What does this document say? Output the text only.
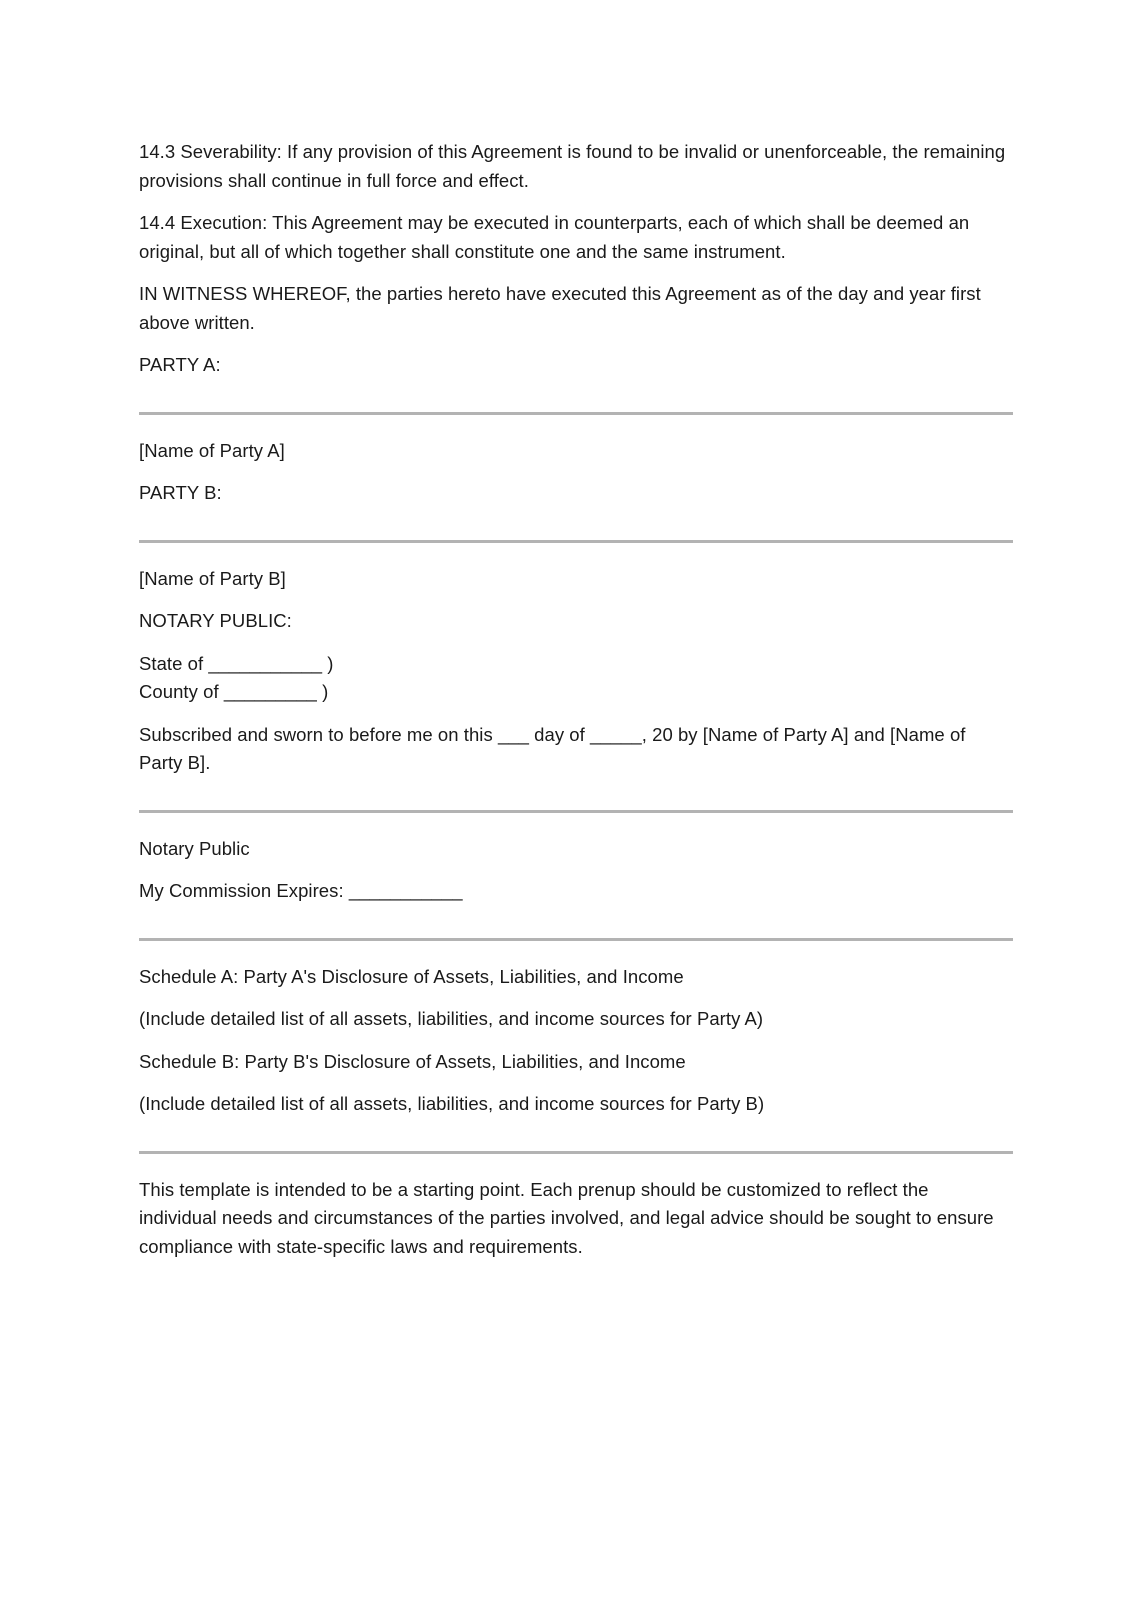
14.3 Severability: If any provision of this Agreement is found to be invalid or unenforceable, the remaining provisions shall continue in full force and effect.

14.4 Execution: This Agreement may be executed in counterparts, each of which shall be deemed an original, but all of which together shall constitute one and the same instrument.

IN WITNESS WHEREOF, the parties hereto have executed this Agreement as of the day and year first above written.

PARTY A:

[Name of Party A]

PARTY B:

[Name of Party B]

NOTARY PUBLIC:

State of ___________ )

County of _________ )

Subscribed and sworn to before me on this ___ day of _____, 20 by [Name of Party A] and [Name of Party B].

Notary Public

My Commission Expires: ___________

Schedule A: Party A's Disclosure of Assets, Liabilities, and Income

(Include detailed list of all assets, liabilities, and income sources for Party A)

Schedule B: Party B's Disclosure of Assets, Liabilities, and Income

(Include detailed list of all assets, liabilities, and income sources for Party B)

This template is intended to be a starting point. Each prenup should be customized to reflect the individual needs and circumstances of the parties involved, and legal advice should be sought to ensure compliance with state-specific laws and requirements.
